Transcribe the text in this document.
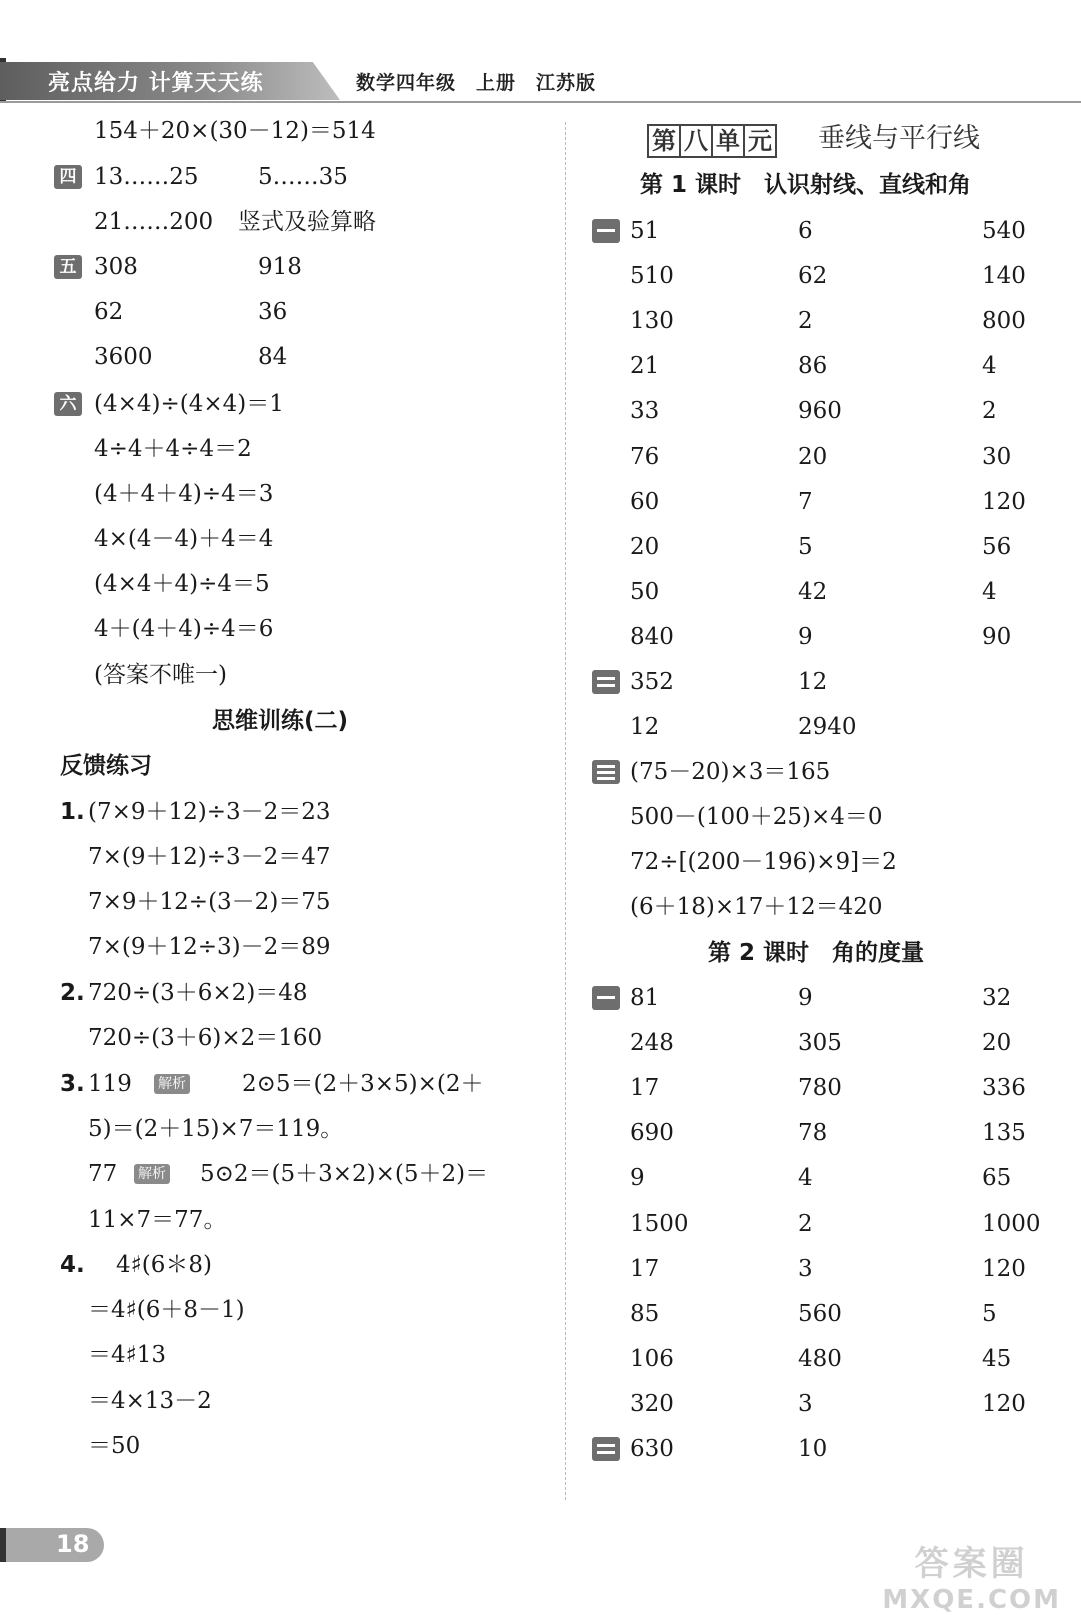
亮点给力 计算天天练	数学四年级　上册　江苏版
154＋20×(30－12)＝514
四 13……25	5……35
21……200 竖式及验算略
五 308	918
62	36
3600	84
六 (4×4)÷(4×4)＝1
4÷4＋4÷4＝2
(4＋4＋4)÷4＝3
4×(4－4)＋4＝4
(4×4＋4)÷4＝5
4＋(4＋4)÷4＝6
(答案不唯一)
思维训练(二)
反馈练习
1. (7×9＋12)÷3－2＝23
7×(9＋12)÷3－2＝47
7×9＋12÷(3－2)＝75
7×(9＋12÷3)－2＝89
2. 720÷(3＋6×2)＝48
720÷(3＋6)×2＝160
3. 119 解析 2⊙5＝(2＋3×5)×(2＋
5)＝(2＋15)×7＝119。
77 解析 5⊙2＝(5＋3×2)×(5＋2)＝
11×7＝77。
4. 4♯(6＊8)
＝4♯(6＋8－1)
＝4♯13
＝4×13－2
＝50
第 八 单 元 垂线与平行线
第 1 课时　认识射线、直线和角
51	6	540
510	62	140
130	2	800
21	86	4
33	960	2
76	20	30
60	7	120
20	5	56
50	42	4
840	9	90
352	12
12	2940
(75－20)×3＝165
500－(100＋25)×4＝0
72÷[(200－196)×9]＝2
(6＋18)×17＋12＝420
第 2 课时　角的度量
81	9	32
248	305	20
17	780	336
690	78	135
9	4	65
1500	2	1000
17	3	120
85	560	5
106	480	45
320	3	120
630	10
18	答案圈
MXQE.COM
